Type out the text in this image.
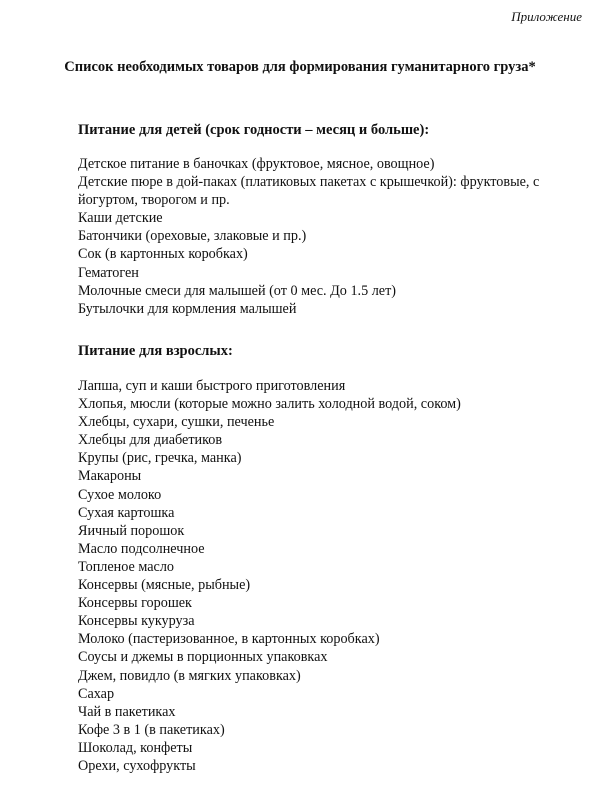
Приложение
Список необходимых товаров для формирования гуманитарного груза*
Питание для детей (срок годности – месяц и больше):
Детское питание в баночках (фруктовое, мясное, овощное)
Детские пюре в дой-паках (платиковых пакетах с крышечкой): фруктовые, с йогуртом, творогом и пр.
Каши детские
Батончики (ореховые, злаковые и пр.)
Сок (в картонных коробках)
Гематоген
Молочные смеси для малышей (от 0 мес. До 1.5 лет)
Бутылочки для кормления малышей
Питание для взрослых:
Лапша, суп и каши быстрого приготовления
Хлопья, мюсли (которые можно залить холодной водой, соком)
Хлебцы, сухари, сушки, печенье
Хлебцы для диабетиков
Крупы (рис, гречка, манка)
Макароны
Сухое молоко
Сухая картошка
Яичный порошок
Масло подсолнечное
Топленое масло
Консервы (мясные, рыбные)
Консервы горошек
Консервы кукуруза
Молоко (пастеризованное, в картонных коробках)
Соусы и джемы в порционных упаковках
Джем, повидло (в мягких упаковках)
Сахар
Чай в пакетиках
Кофе 3 в 1 (в пакетиках)
Шоколад, конфеты
Орехи, сухофрукты
